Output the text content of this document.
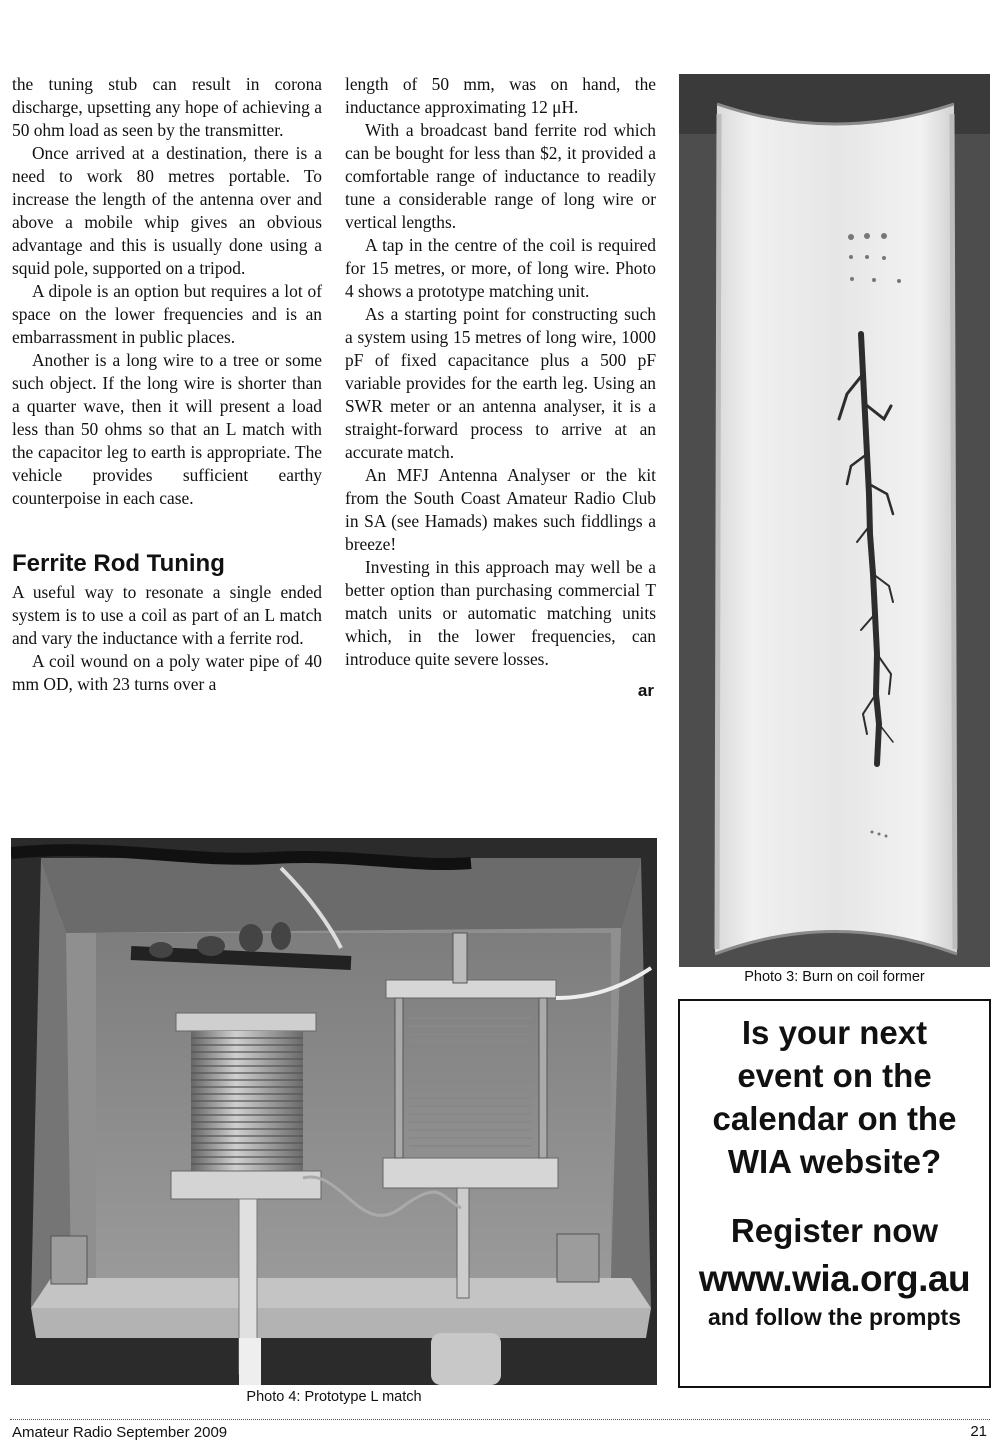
the tuning stub can result in corona discharge, upsetting any hope of achieving a 50 ohm load as seen by the transmitter.

Once arrived at a destination, there is a need to work 80 metres portable. To increase the length of the antenna over and above a mobile whip gives an obvious advantage and this is usually done using a squid pole, supported on a tripod.

A dipole is an option but requires a lot of space on the lower frequencies and is an embarrassment in public places.

Another is a long wire to a tree or some such object. If the long wire is shorter than a quarter wave, then it will present a load less than 50 ohms so that an L match with the capacitor leg to earth is appropriate. The vehicle provides sufficient earthy counterpoise in each case.

Ferrite Rod Tuning

A useful way to resonate a single ended system is to use a coil as part of an L match and vary the inductance with a ferrite rod.

A coil wound on a poly water pipe of 40 mm OD, with 23 turns over a

length of 50 mm, was on hand, the inductance approximating 12 μH.

With a broadcast band ferrite rod which can be bought for less than $2, it provided a comfortable range of inductance to readily tune a considerable range of long wire or vertical lengths.

A tap in the centre of the coil is required for 15 metres, or more, of long wire. Photo 4 shows a prototype matching unit.

As a starting point for constructing such a system using 15 metres of long wire, 1000 pF of fixed capacitance plus a 500 pF variable provides for the earth leg. Using an SWR meter or an antenna analyser, it is a straight-forward process to arrive at an accurate match.

An MFJ Antenna Analyser or the kit from the South Coast Amateur Radio Club in SA (see Hamads) makes such fiddlings a breeze!

Investing in this approach may well be a better option than purchasing commercial T match units or automatic matching units which, in the lower frequencies, can introduce quite severe losses.

ar
Photo 3: Burn on coil former
Is your next
event on the
calendar on the
WIA website?
Register now
www.wia.org.au
and follow the prompts
Photo 4: Prototype L match
Amateur Radio September 2009	21
